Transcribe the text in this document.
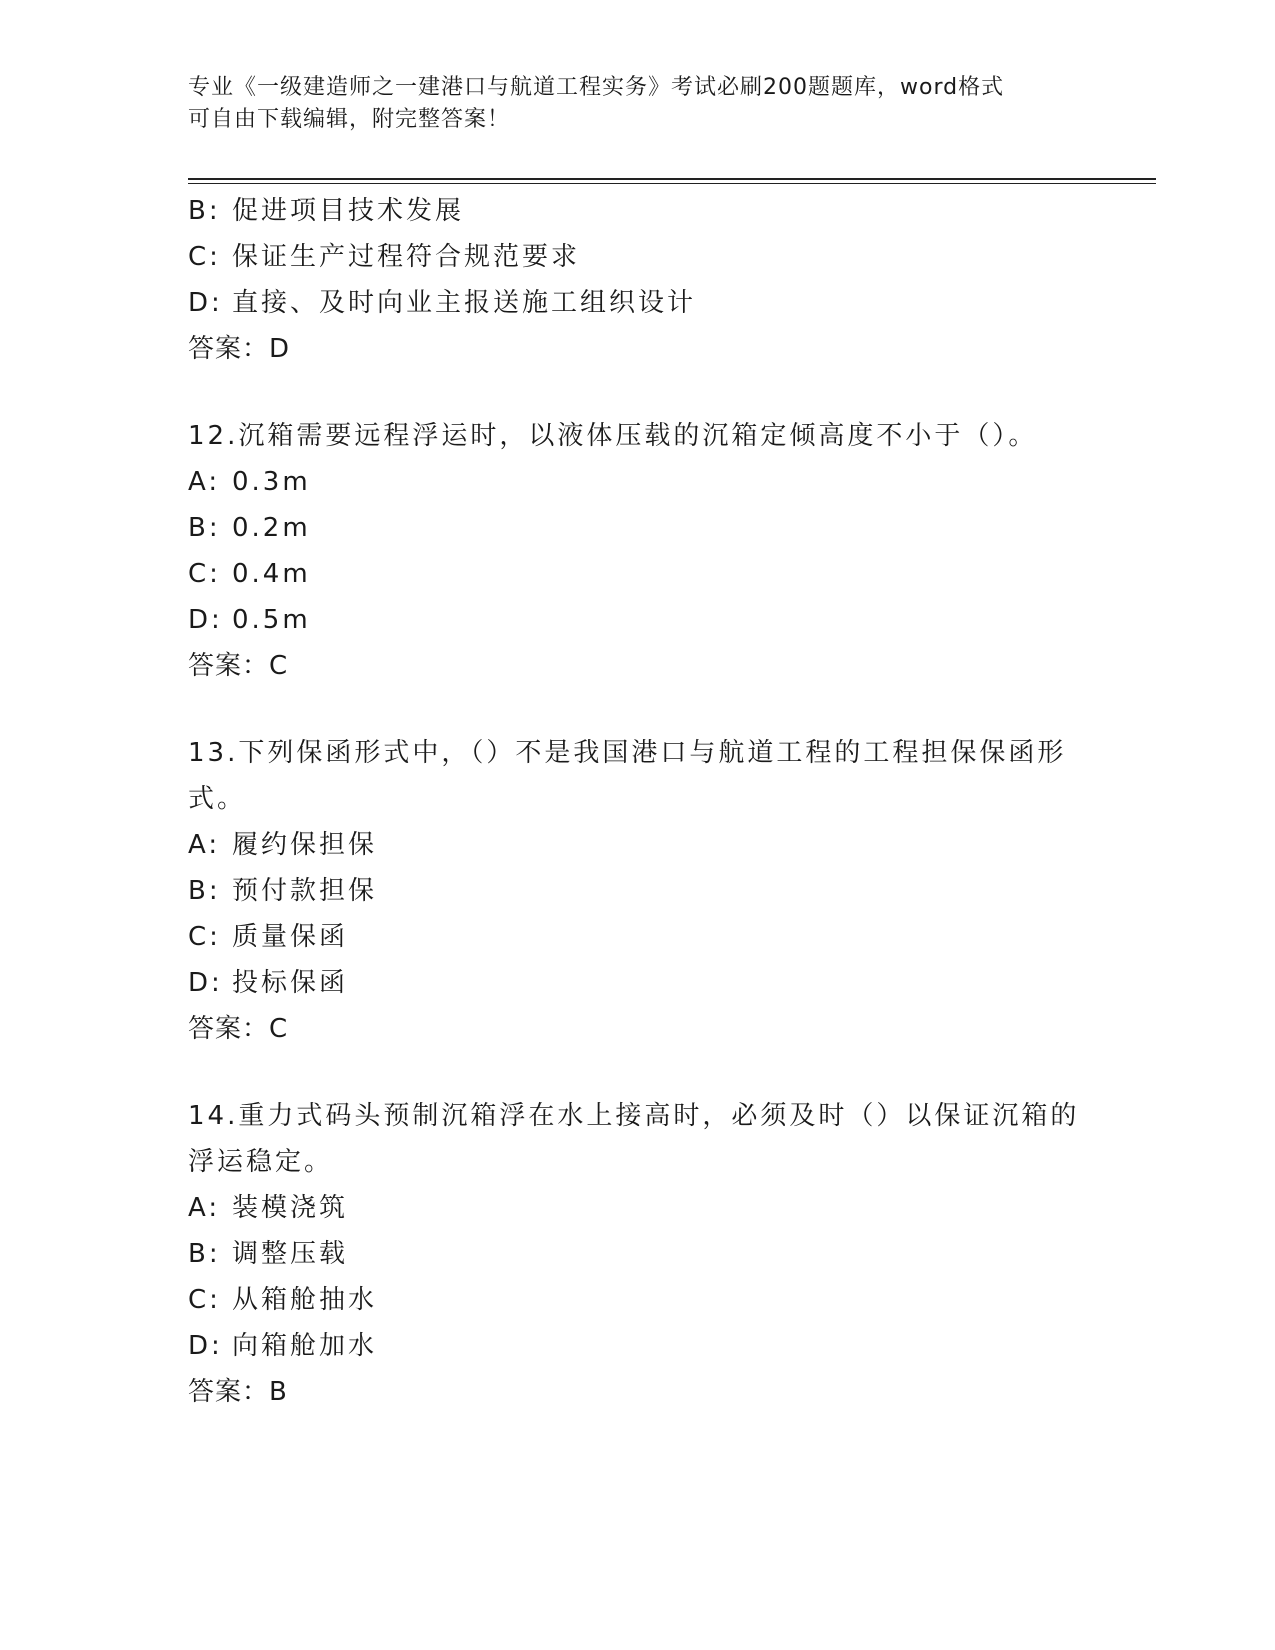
专业《一级建造师之一建港口与航道工程实务》考试必刷200题题库，word格式
可自由下载编辑，附完整答案！
B: 促进项目技术发展
C: 保证生产过程符合规范要求
D: 直接、及时向业主报送施工组织设计
答案：D
12.沉箱需要远程浮运时，以液体压载的沉箱定倾高度不小于（）。
A: 0.3m
B: 0.2m
C: 0.4m
D: 0.5m
答案：C
13.下列保函形式中，（）不是我国港口与航道工程的工程担保保函形
式。
A: 履约保担保
B: 预付款担保
C: 质量保函
D: 投标保函
答案：C
14.重力式码头预制沉箱浮在水上接高时，必须及时（）以保证沉箱的
浮运稳定。
A: 装模浇筑
B: 调整压载
C: 从箱舱抽水
D: 向箱舱加水
答案：B
